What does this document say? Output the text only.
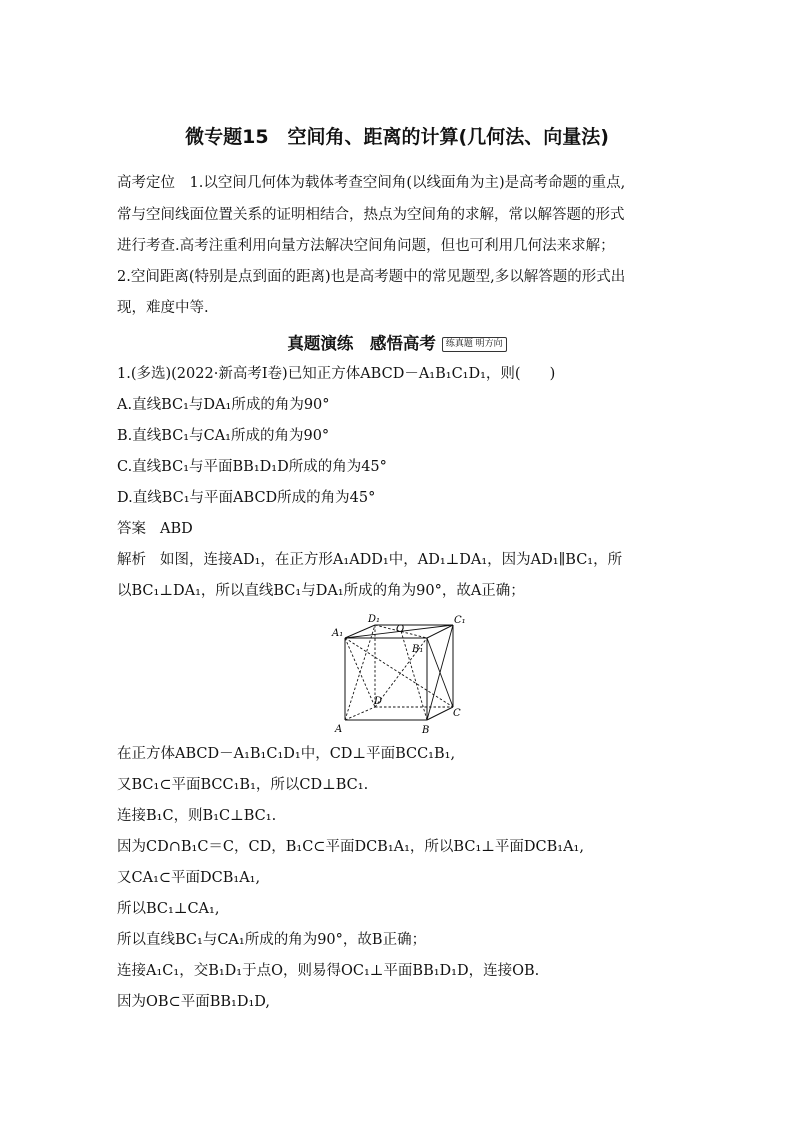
微专题15　空间角、距离的计算(几何法、向量法)
高考定位　1.以空间几何体为载体考查空间角(以线面角为主)是高考命题的重点,
常与空间线面位置关系的证明相结合，热点为空间角的求解，常以解答题的形式
进行考查.高考注重利用向量方法解决空间角问题，但也可利用几何法来求解；
2.空间距离(特别是点到面的距离)也是高考题中的常见题型,多以解答题的形式出
现，难度中等.
真题演练　感悟高考 练真题 明方向
1.(多选)(2022·新高考Ⅰ卷)已知正方体ABCD－A₁B₁C₁D₁，则(　　)
A.直线BC₁与DA₁所成的角为90°
B.直线BC₁与CA₁所成的角为90°
C.直线BC₁与平面BB₁D₁D所成的角为45°
D.直线BC₁与平面ABCD所成的角为45°
答案 ABD
解析 如图，连接AD₁，在正方形A₁ADD₁中，AD₁⊥DA₁，因为AD₁∥BC₁，所
以BC₁⊥DA₁，所以直线BC₁与DA₁所成的角为90°，故A正确；
A₁
D₁
O
C₁
B₁
D
C
A	B
在正方体ABCD－A₁B₁C₁D₁中，CD⊥平面BCC₁B₁,
又BC₁⊂平面BCC₁B₁，所以CD⊥BC₁.
连接B₁C，则B₁C⊥BC₁.
因为CD∩B₁C＝C，CD，B₁C⊂平面DCB₁A₁，所以BC₁⊥平面DCB₁A₁,
又CA₁⊂平面DCB₁A₁,
所以BC₁⊥CA₁,
所以直线BC₁与CA₁所成的角为90°，故B正确；
连接A₁C₁，交B₁D₁于点O，则易得OC₁⊥平面BB₁D₁D，连接OB.
因为OB⊂平面BB₁D₁D,
